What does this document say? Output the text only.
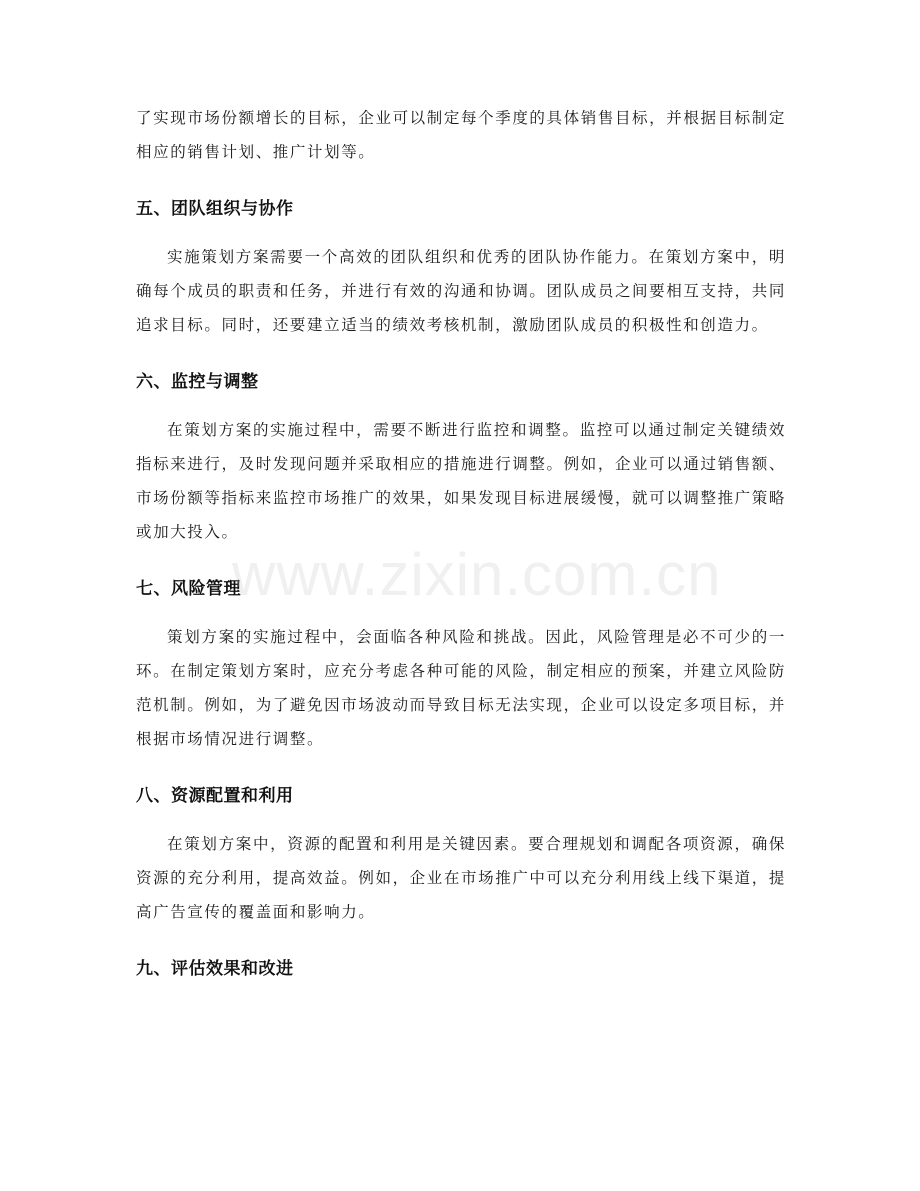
了实现市场份额增长的目标，企业可以制定每个季度的具体销售目标，并根据目标制定相应的销售计划、推广计划等。

五、团队组织与协作

实施策划方案需要一个高效的团队组织和优秀的团队协作能力。在策划方案中，明确每个成员的职责和任务，并进行有效的沟通和协调。团队成员之间要相互支持，共同追求目标。同时，还要建立适当的绩效考核机制，激励团队成员的积极性和创造力。

六、监控与调整

在策划方案的实施过程中，需要不断进行监控和调整。监控可以通过制定关键绩效指标来进行，及时发现问题并采取相应的措施进行调整。例如，企业可以通过销售额、市场份额等指标来监控市场推广的效果，如果发现目标进展缓慢，就可以调整推广策略或加大投入。

七、风险管理

策划方案的实施过程中，会面临各种风险和挑战。因此，风险管理是必不可少的一环。在制定策划方案时，应充分考虑各种可能的风险，制定相应的预案，并建立风险防范机制。例如，为了避免因市场波动而导致目标无法实现，企业可以设定多项目标，并根据市场情况进行调整。

八、资源配置和利用

在策划方案中，资源的配置和利用是关键因素。要合理规划和调配各项资源，确保资源的充分利用，提高效益。例如，企业在市场推广中可以充分利用线上线下渠道，提高广告宣传的覆盖面和影响力。

九、评估效果和改进
www.zixin.com.cn
